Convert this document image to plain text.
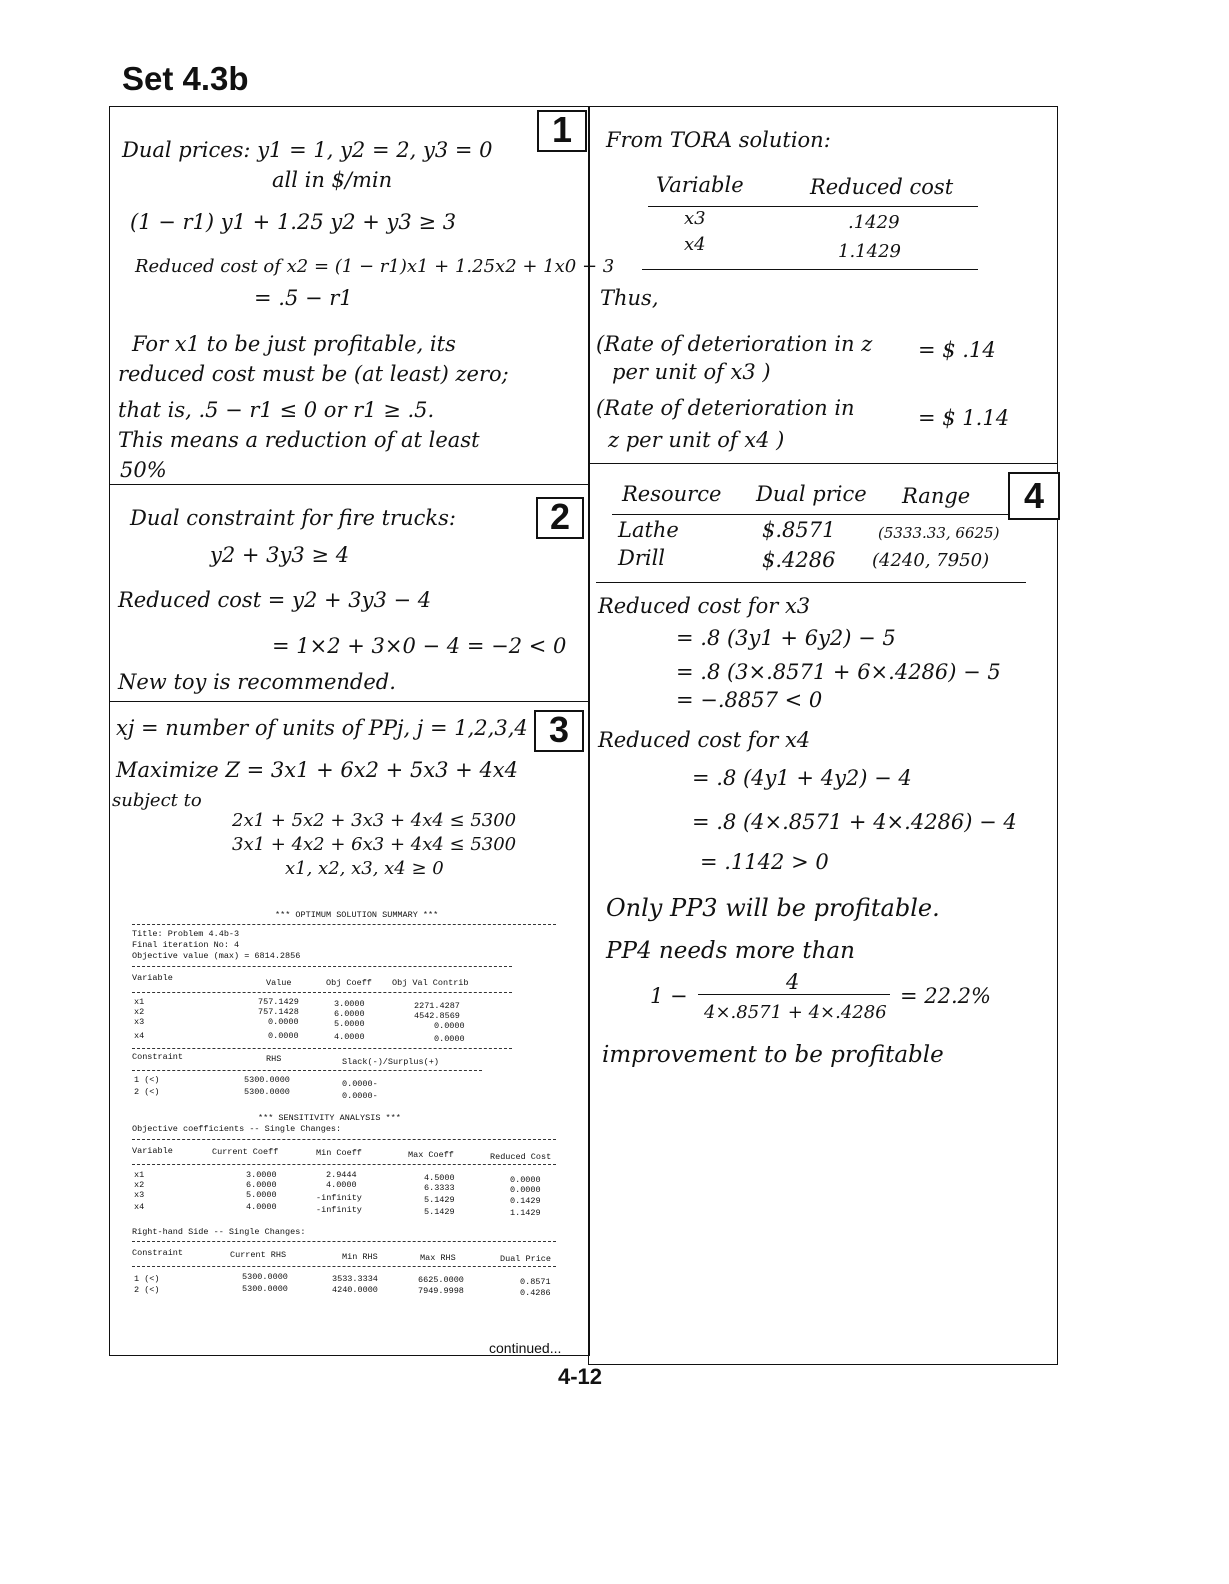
Set 4.3b
1
Dual prices: y1 = 1, y2 = 2, y3 = 0
all in $/min
(1 − r1) y1 + 1.25 y2 + y3 ≥ 3
Reduced cost of x2 = (1 − r1)x1 + 1.25x2 + 1x0 − 3
= .5 − r1
For x1 to be just profitable, its
reduced cost must be (at least) zero;
that is, .5 − r1 ≤ 0 or r1 ≥ .5.
This means a reduction of at least
50%
2
Dual constraint for fire trucks:
y2 + 3y3 ≥ 4
Reduced cost = y2 + 3y3 − 4
= 1×2 + 3×0 − 4 = −2 < 0
New toy is recommended.
3
xj = number of units of PPj, j = 1,2,3,4
Maximize Z = 3x1 + 6x2 + 5x3 + 4x4
subject to
2x1 + 5x2 + 3x3 + 4x4 ≤ 5300
3x1 + 4x2 + 6x3 + 4x4 ≤ 5300
x1, x2, x3, x4 ≥ 0
*** OPTIMUM SOLUTION SUMMARY ***
Title: Problem 4.4b-3
Final iteration No: 4
Objective value (max) = 6814.2856
Variable	Value	Obj Coeff Obj Val Contrib
x1	757.1429	3.0000	2271.4287
x2	757.1428	6.0000	4542.8569
x3	0.0000	5.0000	0.0000
x4	0.0000	4.0000	0.0000
Constraint	RHS	Slack(-)/Surplus(+)
1 (<)	5300.0000	0.0000-
2 (<)	5300.0000	0.0000-
*** SENSITIVITY ANALYSIS ***
Objective coefficients -- Single Changes:
Variable	Current Coeff	Min Coeff	Max Coeff	Reduced Cost
x1	3.0000	2.9444	4.5000	0.0000
x2	6.0000	4.0000	6.3333	0.0000
x3	5.0000	-infinity	5.1429	0.1429
x4	4.0000	-infinity	5.1429	1.1429
Right-hand Side -- Single Changes:
Constraint	Current RHS	Min RHS	Max RHS	Dual Price
1 (<)	5300.0000	3533.3334	6625.0000	0.8571
2 (<)	5300.0000	4240.0000	7949.9998	0.4286
From TORA solution:
Variable	Reduced cost
x3	.1429
x4	1.1429
Thus,
(Rate of deterioration in z
per unit of x3 )
= $ .14
(Rate of deterioration in
z per unit of x4 )
= $ 1.14
4
Resource Dual price Range
Lathe	$.8571	(5333.33, 6625)
Drill	$.4286 (4240, 7950)
Reduced cost for x3
= .8 (3y1 + 6y2) − 5
= .8 (3×.8571 + 6×.4286) − 5
= −.8857 < 0
Reduced cost for x4
= .8 (4y1 + 4y2) − 4
= .8 (4×.8571 + 4×.4286) − 4
= .1142 > 0
Only PP3 will be profitable.
PP4 needs more than
1 −
4
4×.8571 + 4×.4286
= 22.2%
improvement to be profitable
continued...
4-12
